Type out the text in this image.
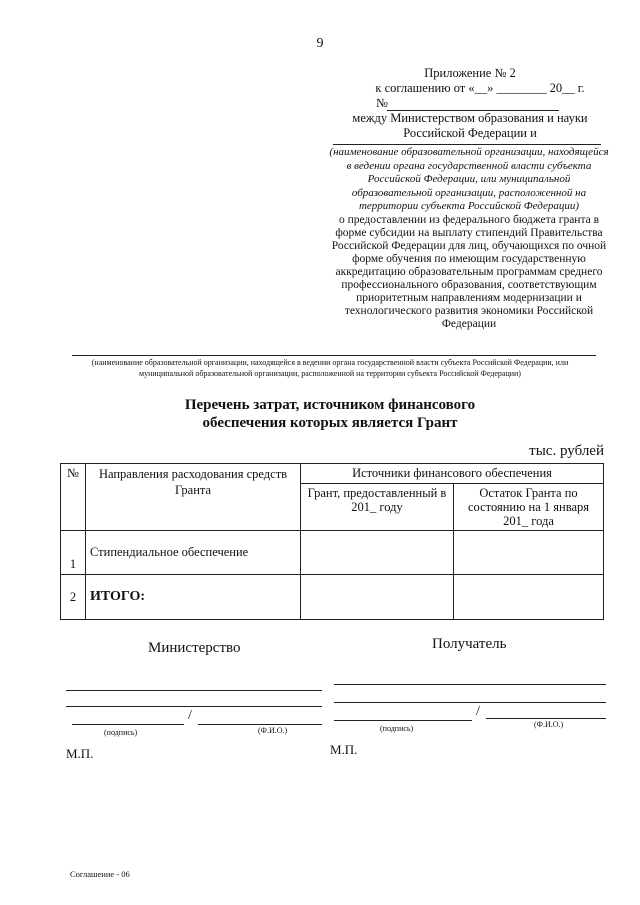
9
Приложение № 2
к соглашению от «__» ________ 20__ г.
№
между Министерством образования и науки
Российской Федерации и
(наименование образовательной организации, находящейся
в ведении органа государственной власти субъекта
Российской Федерации, или муниципальной
образовательной организации, расположенной на
территории субъекта Российской Федерации)
о предоставлении из федерального бюджета гранта в
форме субсидии на выплату стипендий Правительства
Российской Федерации для лиц, обучающихся по очной
форме обучения по имеющим государственную
аккредитацию образовательным программам среднего
профессионального образования, соответствующим
приоритетным направлениям модернизации и
технологического развития экономики Российской
Федерации
(наименование образовательной организации, находящейся в ведении органа государственной власти субъекта Российской Федерации, или
муниципальной образовательной организации, расположенной на территории субъекта Российской Федерации)
Перечень затрат, источником финансового
обеспечения которых является Грант
тыс. рублей
№	Направления расходования средств Гранта	Источники финансового обеспечения	
		Грант, предоставленный в 201_ году	Остаток Гранта по состоянию на 1 января 201_ года
1	Стипендиальное обеспечение		
2	ИТОГО:		
Министерство	Получатель
/
(подпись)	(Ф.И.О.)
/
(подпись)	(Ф.И.О.)
М.П.	М.П.
Соглашение - 06
